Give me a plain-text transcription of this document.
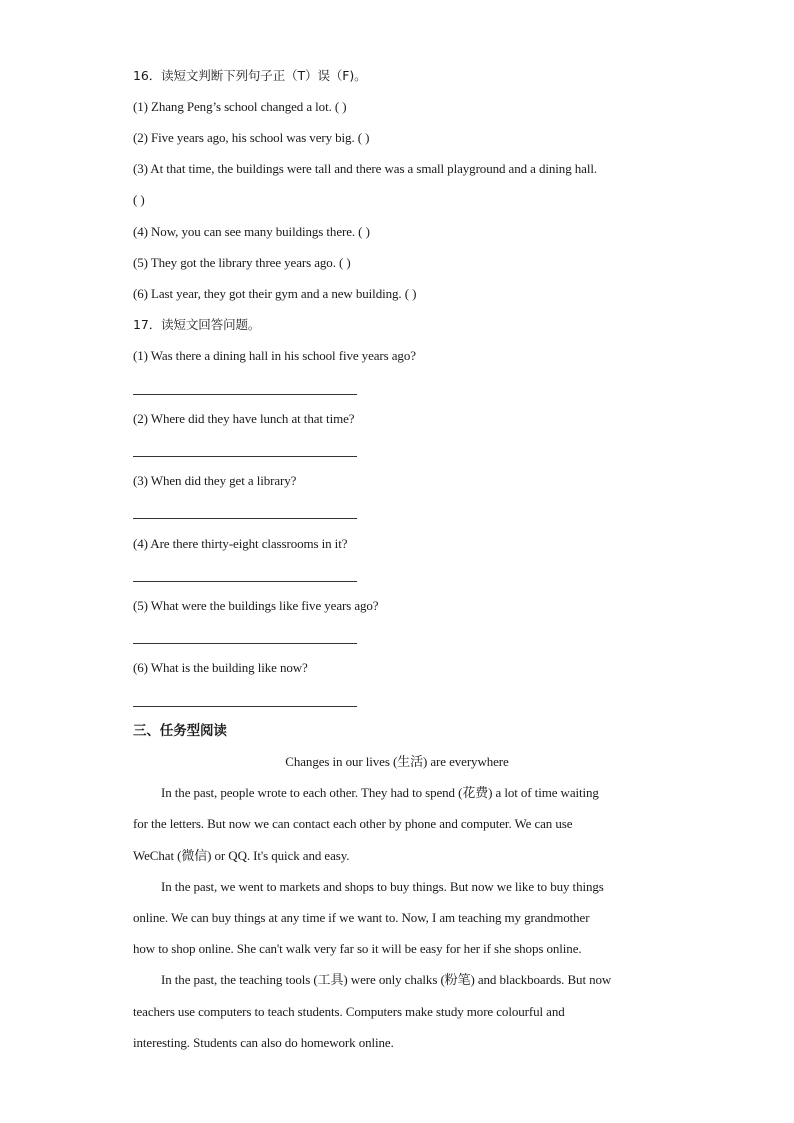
16．读短文判断下列句子正（T）误（F)。
(1) Zhang Peng’s school changed a lot. ( )
(2) Five years ago, his school was very big. ( )
(3) At that time, the buildings were tall and there was a small playground and a dining hall.
( )
(4) Now, you can see many buildings there. ( )
(5) They got the library three years ago. ( )
(6) Last year, they got their gym and a new building. ( )
17．读短文回答问题。
(1) Was there a dining hall in his school five years ago?
(2) Where did they have lunch at that time?
(3) When did they get a library?
(4) Are there thirty-eight classrooms in it?
(5) What were the buildings like five years ago?
(6) What is the building like now?
三、任务型阅读
Changes in our lives (生活) are everywhere
In the past, people wrote to each other. They had to spend (花费) a lot of time waiting
for the letters. But now we can contact each other by phone and computer. We can use
WeChat (微信) or QQ. It's quick and easy.
In the past, we went to markets and shops to buy things. But now we like to buy things
online. We can buy things at any time if we want to. Now, I am teaching my grandmother
how to shop online. She can't walk very far so it will be easy for her if she shops online.
In the past, the teaching tools (工具) were only chalks (粉笔) and blackboards. But now
teachers use computers to teach students. Computers make study more colourful and
interesting. Students can also do homework online.
